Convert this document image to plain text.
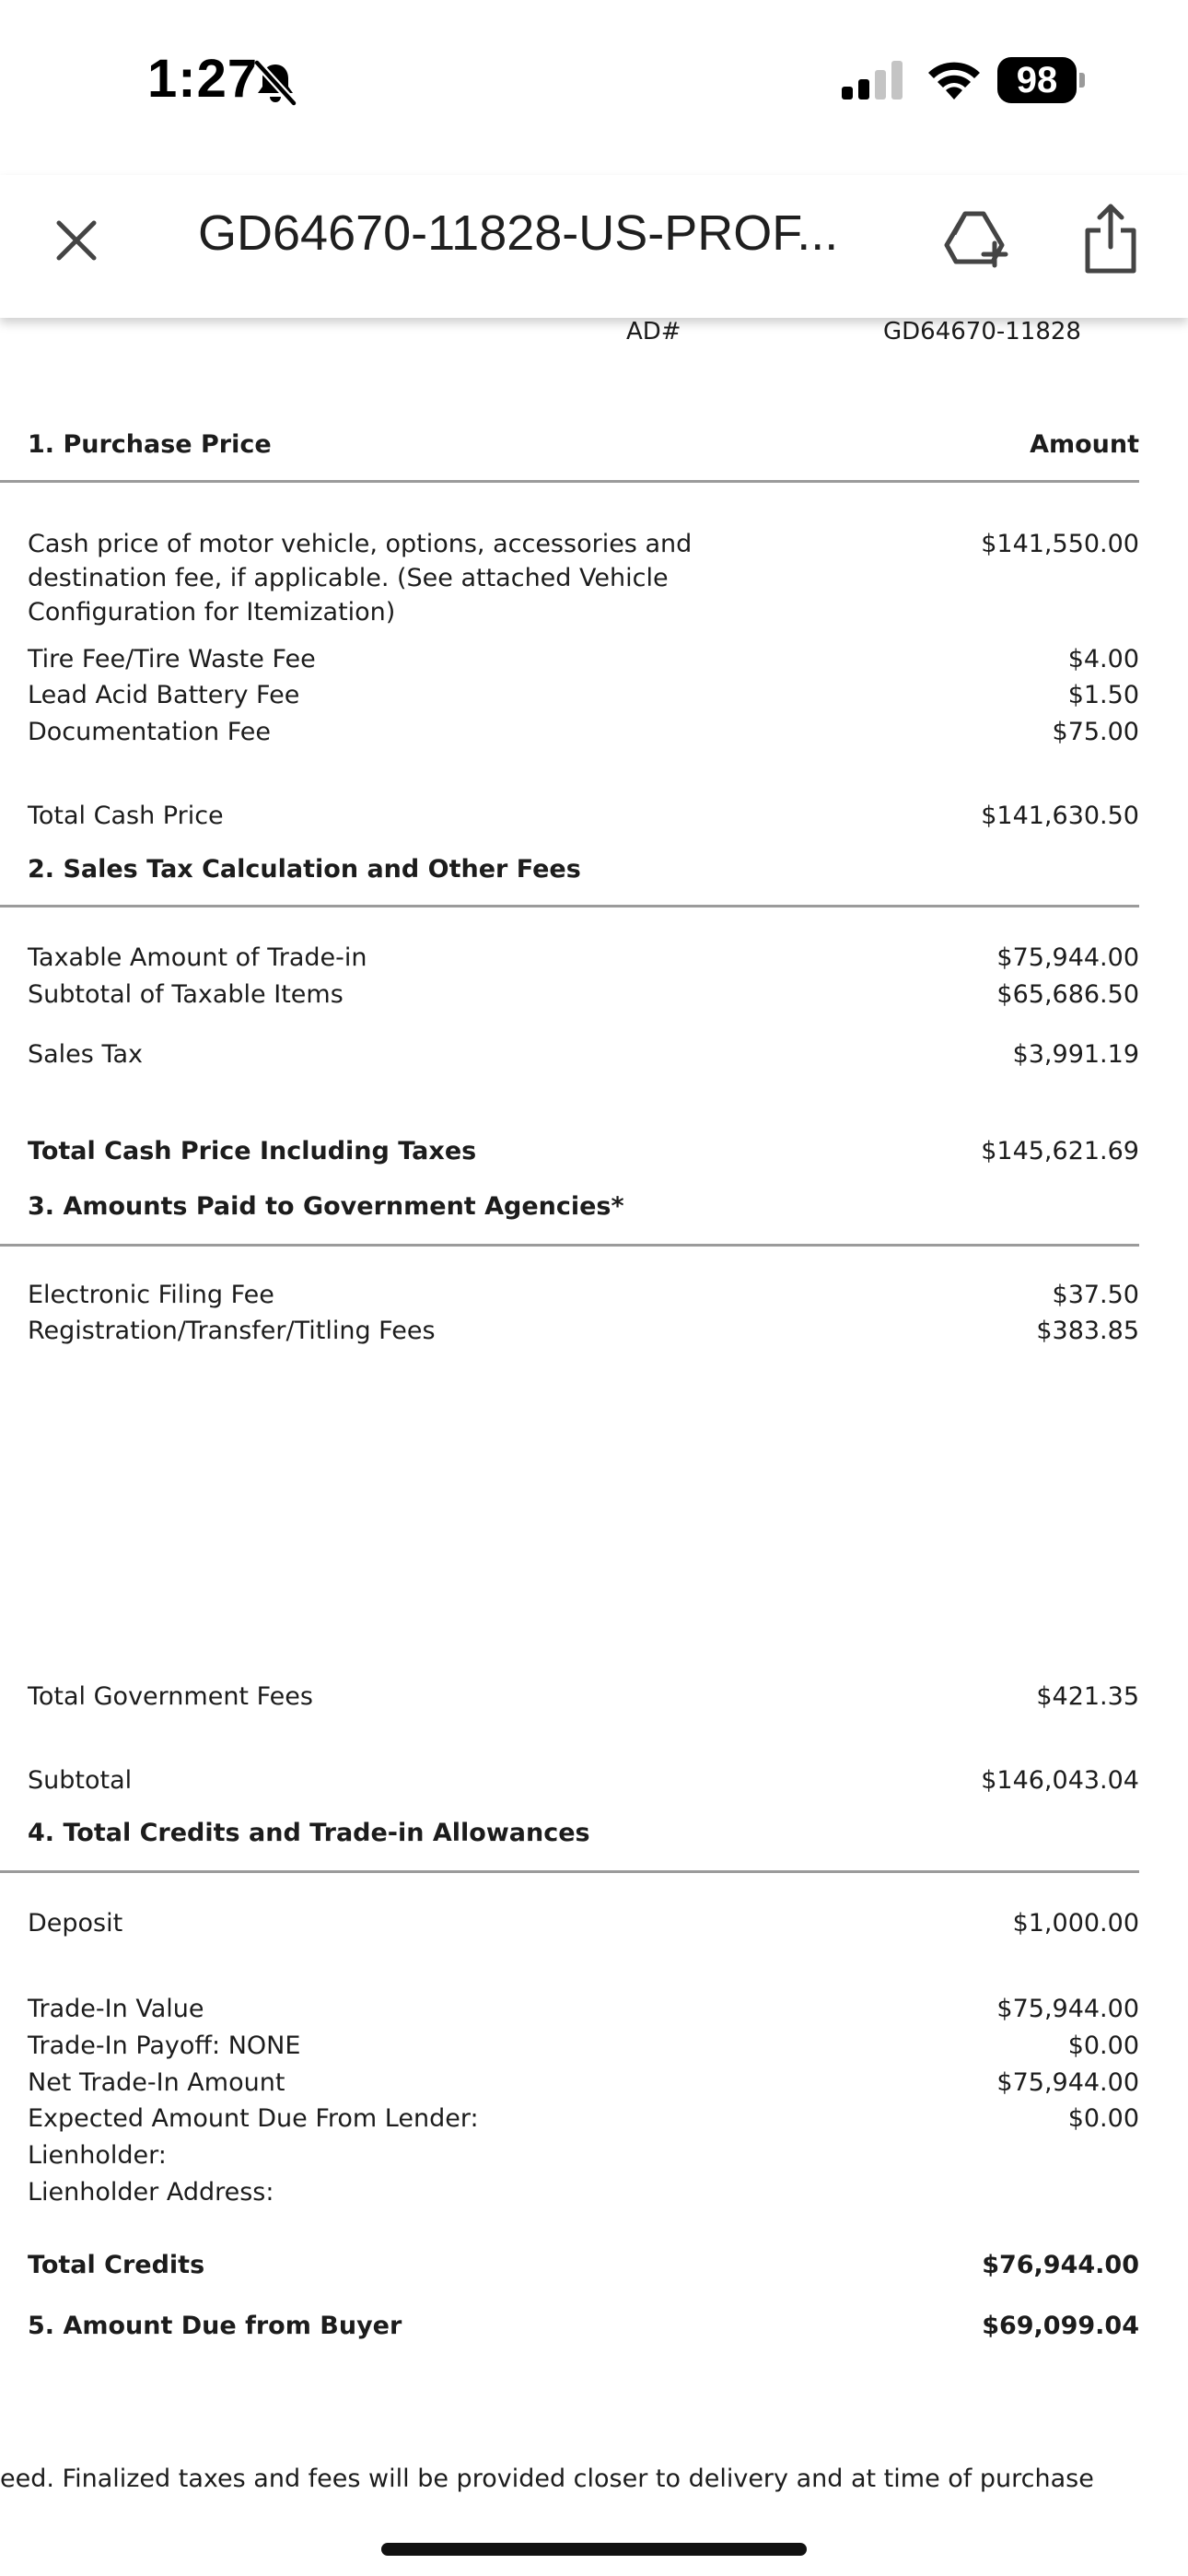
1:27	98
GD64670-11828-US-PROF...
AD#	GD64670-11828
1. Purchase Price	Amount
Cash price of motor vehicle, options, accessories and
destination fee, if applicable. (See attached Vehicle
Configuration for Itemization)
$141,550.00
Tire Fee/Tire Waste Fee	$4.00
Lead Acid Battery Fee	$1.50
Documentation Fee	$75.00
Total Cash Price	$141,630.50
2. Sales Tax Calculation and Other Fees
Taxable Amount of Trade-in	$75,944.00
Subtotal of Taxable Items	$65,686.50
Sales Tax	$3,991.19
Total Cash Price Including Taxes	$145,621.69
3. Amounts Paid to Government Agencies*
Electronic Filing Fee	$37.50
Registration/Transfer/Titling Fees	$383.85
Total Government Fees	$421.35
Subtotal	$146,043.04
4. Total Credits and Trade-in Allowances
Deposit	$1,000.00
Trade-In Value	$75,944.00
Trade-In Payoff: NONE	$0.00
Net Trade-In Amount	$75,944.00
Expected Amount Due From Lender:	$0.00
Lienholder:
Lienholder Address:
Total Credits	$76,944.00
5. Amount Due from Buyer	$69,099.04
eed. Finalized taxes and fees will be provided closer to delivery and at time of purchase
